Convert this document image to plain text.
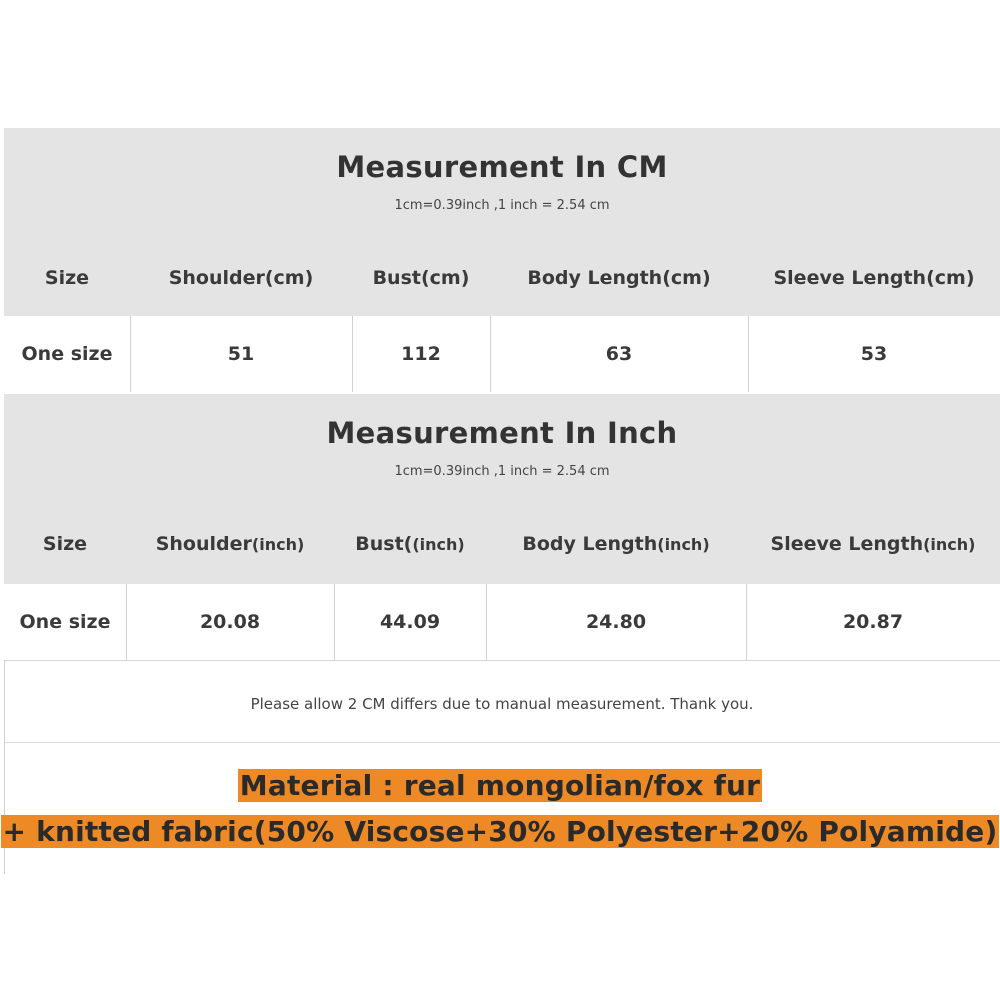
Measurement In CM
1cm=0.39inch ,1 inch = 2.54 cm
Size	Shoulder(cm)	Bust(cm)	Body Length(cm)	Sleeve Length(cm)
One size	51	112	63	53
Measurement In Inch
1cm=0.39inch ,1 inch = 2.54 cm
Size	Shoulder (inch)	Bust( (inch)	Body Length (inch)	Sleeve Length (inch)
One size	20.08	44.09	24.80	20.87
Please allow 2 CM differs due to manual measurement. Thank you.
Material : real mongolian/fox fur
+ knitted fabric(50% Viscose+30% Polyester+20% Polyamide)
